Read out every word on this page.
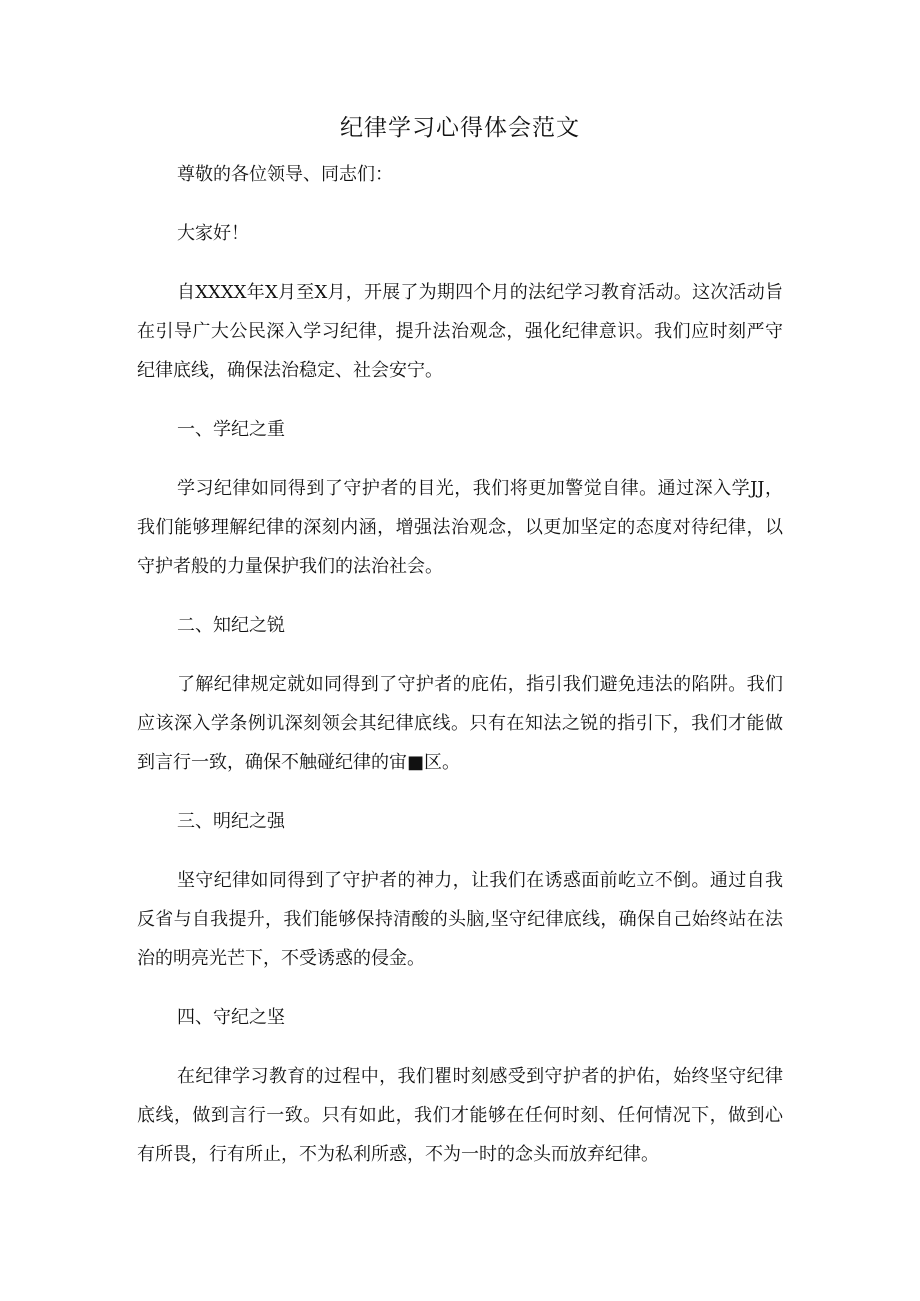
纪律学习心得体会范文

尊敬的各位领导、同志们：

大家好！

自XXXX年X月至X月，开展了为期四个月的法纪学习教育活动。这次活动旨在引导广大公民深入学习纪律，提升法治观念，强化纪律意识。我们应时刻严守纪律底线，确保法治稳定、社会安宁。

一、学纪之重

学习纪律如同得到了守护者的目光，我们将更加警觉自律。通过深入学JJ，我们能够理解纪律的深刻内涵，增强法治观念，以更加坚定的态度对待纪律，以守护者般的力量保护我们的法治社会。

二、知纪之锐

了解纪律规定就如同得到了守护者的庇佑，指引我们避免违法的陷阱。我们应该深入学条例讥深刻领会其纪律底线。只有在知法之锐的指引下，我们才能做到言行一致，确保不触碰纪律的宙■区。

三、明纪之强

坚守纪律如同得到了守护者的神力，让我们在诱惑面前屹立不倒。通过自我反省与自我提升，我们能够保持清酸的头脑,坚守纪律底线，确保自己始终站在法治的明亮光芒下，不受诱惑的侵金。

四、守纪之坚

在纪律学习教育的过程中，我们瞿时刻感受到守护者的护佑，始终坚守纪律底线，做到言行一致。只有如此，我们才能够在任何时刻、任何情况下，做到心有所畏，行有所止，不为私利所惑，不为一时的念头而放弃纪律。
